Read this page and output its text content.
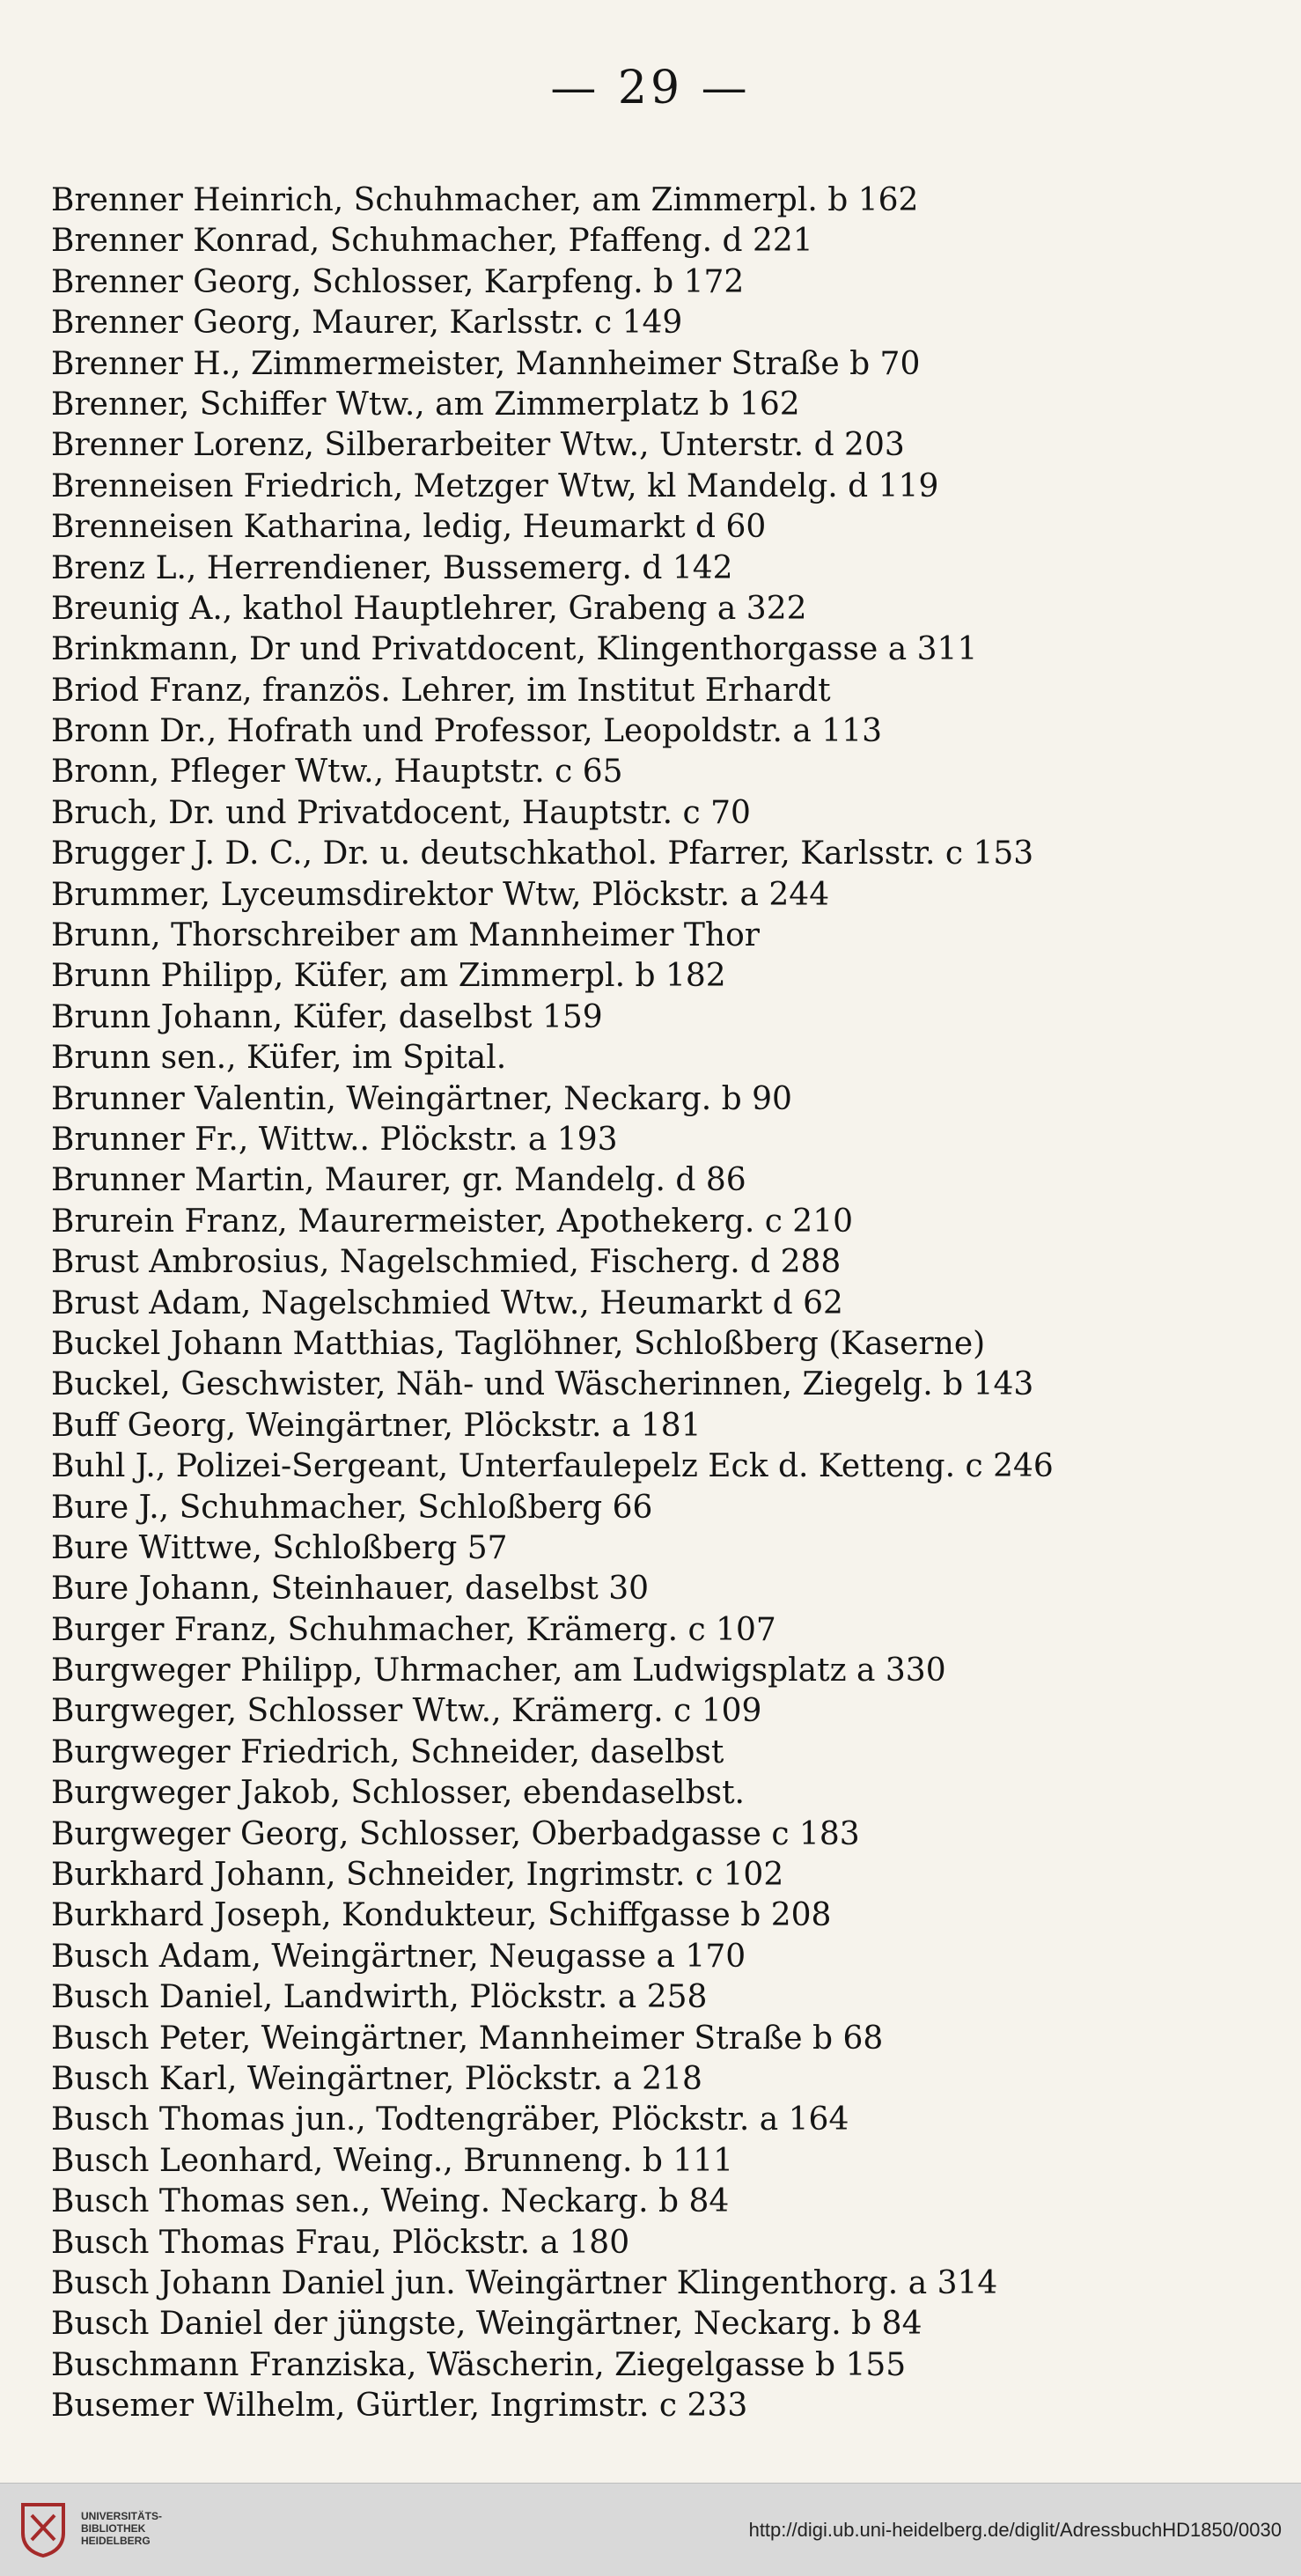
— 29 —
Brenner Heinrich, Schuhmacher, am Zimmerpl. b 162
Brenner Konrad, Schuhmacher, Pfaffeng. d 221
Brenner Georg, Schlosser, Karpfeng. b 172
Brenner Georg, Maurer, Karlsstr. c 149
Brenner H., Zimmermeister, Mannheimer Straße b 70
Brenner, Schiffer Wtw., am Zimmerplatz b 162
Brenner Lorenz, Silberarbeiter Wtw., Unterstr. d 203
Brenneisen Friedrich, Metzger Wtw, kl Mandelg. d 119
Brenneisen Katharina, ledig, Heumarkt d 60
Brenz L., Herrendiener, Bussemerg. d 142
Breunig A., kathol Hauptlehrer, Grabeng a 322
Brinkmann, Dr und Privatdocent, Klingenthorgasse a 311
Briod Franz, französ. Lehrer, im Institut Erhardt
Bronn Dr., Hofrath und Professor, Leopoldstr. a 113
Bronn, Pfleger Wtw., Hauptstr. c 65
Bruch, Dr. und Privatdocent, Hauptstr. c 70
Brugger J. D. C., Dr. u. deutschkathol. Pfarrer, Karlsstr. c 153
Brummer, Lyceumsdirektor Wtw, Plöckstr. a 244
Brunn, Thorschreiber am Mannheimer Thor
Brunn Philipp, Küfer, am Zimmerpl. b 182
Brunn Johann, Küfer, daselbst 159
Brunn sen., Küfer, im Spital.
Brunner Valentin, Weingärtner, Neckarg. b 90
Brunner Fr., Wittw.. Plöckstr. a 193
Brunner Martin, Maurer, gr. Mandelg. d 86
Brurein Franz, Maurermeister, Apothekerg. c 210
Brust Ambrosius, Nagelschmied, Fischerg. d 288
Brust Adam, Nagelschmied Wtw., Heumarkt d 62
Buckel Johann Matthias, Taglöhner, Schloßberg (Kaserne)
Buckel, Geschwister, Näh- und Wäscherinnen, Ziegelg. b 143
Buff Georg, Weingärtner, Plöckstr. a 181
Buhl J., Polizei-Sergeant, Unterfaulepelz Eck d. Ketteng. c 246
Bure J., Schuhmacher, Schloßberg 66
Bure Wittwe, Schloßberg 57
Bure Johann, Steinhauer, daselbst 30
Burger Franz, Schuhmacher, Krämerg. c 107
Burgweger Philipp, Uhrmacher, am Ludwigsplatz a 330
Burgweger, Schlosser Wtw., Krämerg. c 109
Burgweger Friedrich, Schneider, daselbst
Burgweger Jakob, Schlosser, ebendaselbst.
Burgweger Georg, Schlosser, Oberbadgasse c 183
Burkhard Johann, Schneider, Ingrimstr. c 102
Burkhard Joseph, Kondukteur, Schiffgasse b 208
Busch Adam, Weingärtner, Neugasse a 170
Busch Daniel, Landwirth, Plöckstr. a 258
Busch Peter, Weingärtner, Mannheimer Straße b 68
Busch Karl, Weingärtner, Plöckstr. a 218
Busch Thomas jun., Todtengräber, Plöckstr. a 164
Busch Leonhard, Weing., Brunneng. b 111
Busch Thomas sen., Weing. Neckarg. b 84
Busch Thomas Frau, Plöckstr. a 180
Busch Johann Daniel jun. Weingärtner Klingenthorg. a 314
Busch Daniel der jüngste, Weingärtner, Neckarg. b 84
Buschmann Franziska, Wäscherin, Ziegelgasse b 155
Busemer Wilhelm, Gürtler, Ingrimstr. c 233
UNIVERSITÄTS-
BIBLIOTHEK
HEIDELBERG	http://digi.ub.uni-heidelberg.de/diglit/AdressbuchHD1850/0030
